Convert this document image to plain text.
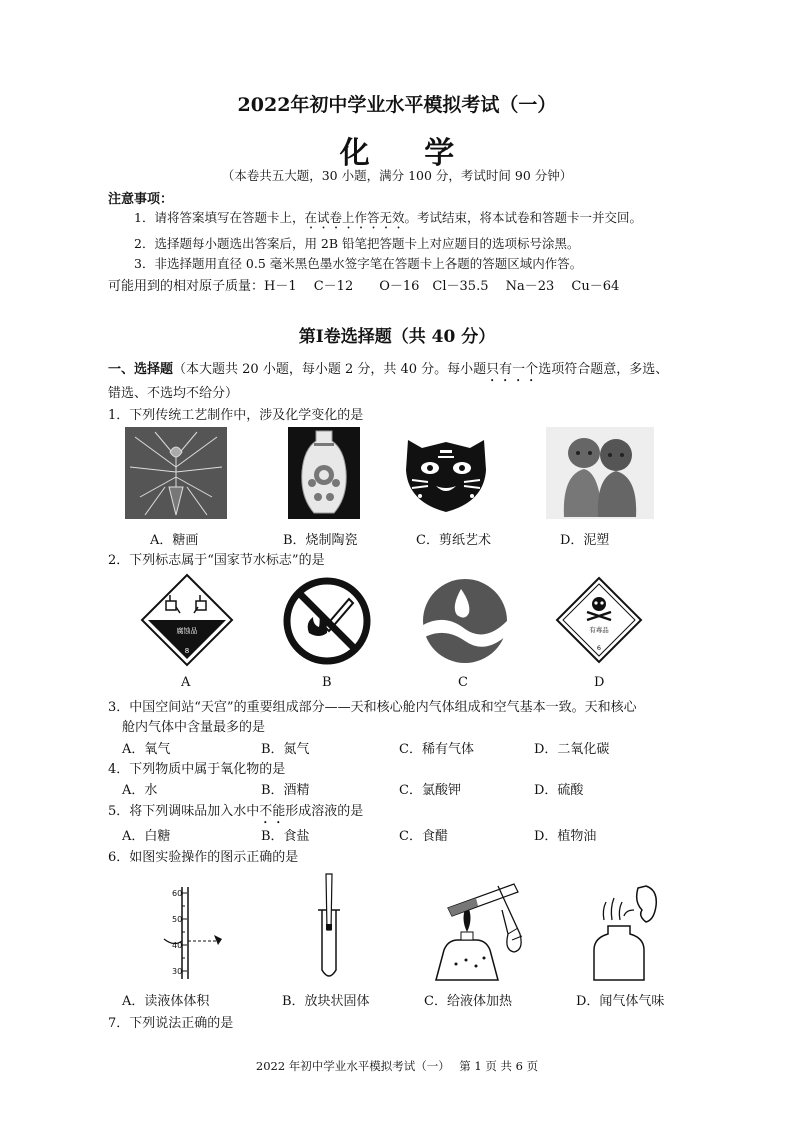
2022年初中学业水平模拟考试（一）
化 学
（本卷共五大题，30 小题，满分 100 分，考试时间 90 分钟）
注意事项：
1．请将答案填写在答题卡上，在试卷上作答无效。考试结束，将本试卷和答题卡一并交回。
2．选择题每小题选出答案后，用 2B 铅笔把答题卡上对应题目的选项标号涂黑。
3．非选择题用直径 0.5 毫米黑色墨水签字笔在答题卡上各题的答题区域内作答。
可能用到的相对原子质量：H－1　 C－12　　O－16　Cl－35.5　 Na－23　 Cu－64
第Ⅰ卷选择题（共 40 分）
一、选择题（本大题共 20 小题，每小题 2 分，共 40 分。每小题只有一个选项符合题意，多选、
错选、不选均不给分）
1．下列传统工艺制作中，涉及化学变化的是
A．糖画	B．烧制陶瓷	C．剪纸艺术	D．泥塑
2．下列标志属于“国家节水标志”的是
腐蚀品
8
有毒品
6
A	B	C	D
3．中国空间站“天宫”的重要组成部分——天和核心舱内气体组成和空气基本一致。天和核心
舱内气体中含量最多的是
A．氧气	B．氮气	C．稀有气体	D．二氧化碳
4．下列物质中属于氧化物的是
A．水	B．酒精	C．氯酸钾	D．硫酸
5．将下列调味品加入水中不能形成溶液的是
A．白糖	B．食盐	C．食醋	D．植物油
6．如图实验操作的图示正确的是
60
50
40
30
A．读液体体积	B．放块状固体	C．给液体加热	D．闻气体气味
7．下列说法正确的是
2022 年初中学业水平模拟考试（一）　 第 1 页 共 6 页
